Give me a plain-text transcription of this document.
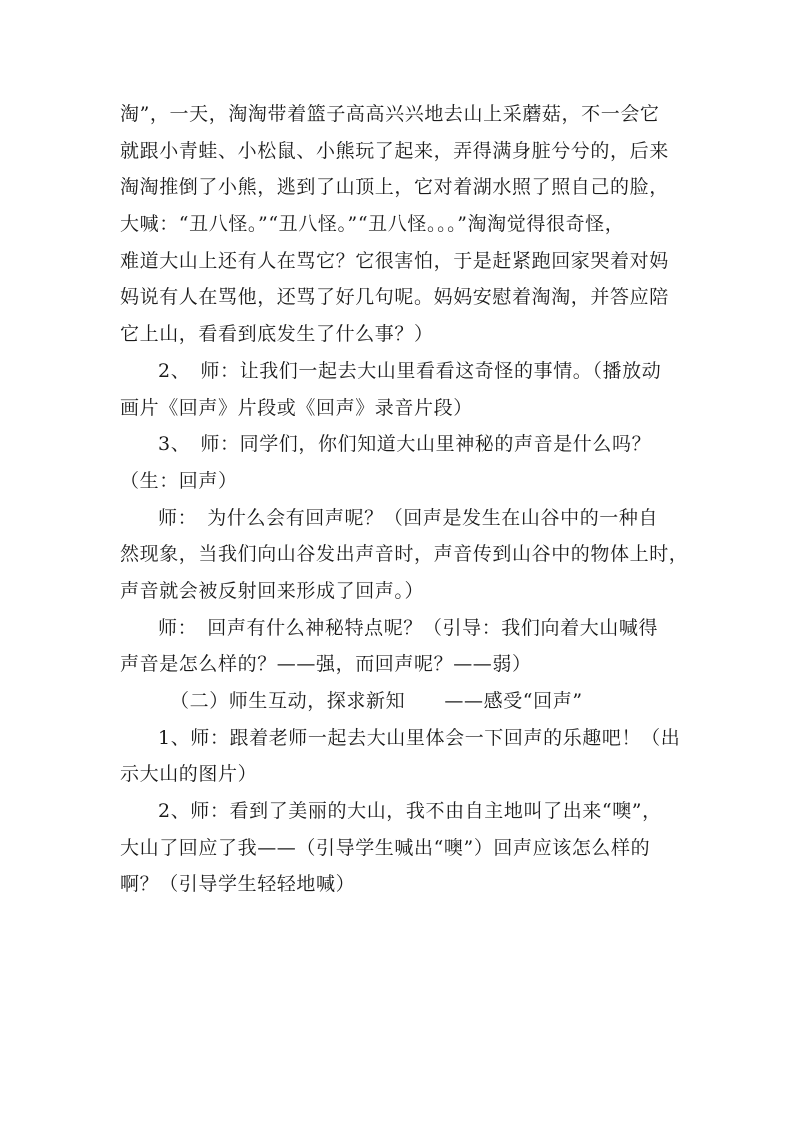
淘”，一天，淘淘带着篮子高高兴兴地去山上采蘑菇，不一会它
就跟小青蛙、小松鼠、小熊玩了起来，弄得满身脏兮兮的，后来
淘淘推倒了小熊，逃到了山顶上，它对着湖水照了照自己的脸，
大喊：“丑八怪。”“丑八怪。”“丑八怪。。。”淘淘觉得很奇怪，
难道大山上还有人在骂它？它很害怕，于是赶紧跑回家哭着对妈
妈说有人在骂他，还骂了好几句呢。妈妈安慰着淘淘，并答应陪
它上山，看看到底发生了什么事？）
2、　师：让我们一起去大山里看看这奇怪的事情。（播放动
画片《回声》片段或《回声》录音片段）
3、　师：同学们，你们知道大山里神秘的声音是什么吗？
（生：回声）
师：　为什么会有回声呢？（回声是发生在山谷中的一种自
然现象，当我们向山谷发出声音时，声音传到山谷中的物体上时，
声音就会被反射回来形成了回声。）
师：　回声有什么神秘特点呢？（引导：我们向着大山喊得
声音是怎么样的？——强，而回声呢？——弱）
（二）师生互动，探求新知　　——感受“回声”
1、师：跟着老师一起去大山里体会一下回声的乐趣吧！（出
示大山的图片）
2、师：看到了美丽的大山，我不由自主地叫了出来“噢”，
大山了回应了我——（引导学生喊出“噢”）回声应该怎么样的
啊？（引导学生轻轻地喊）
